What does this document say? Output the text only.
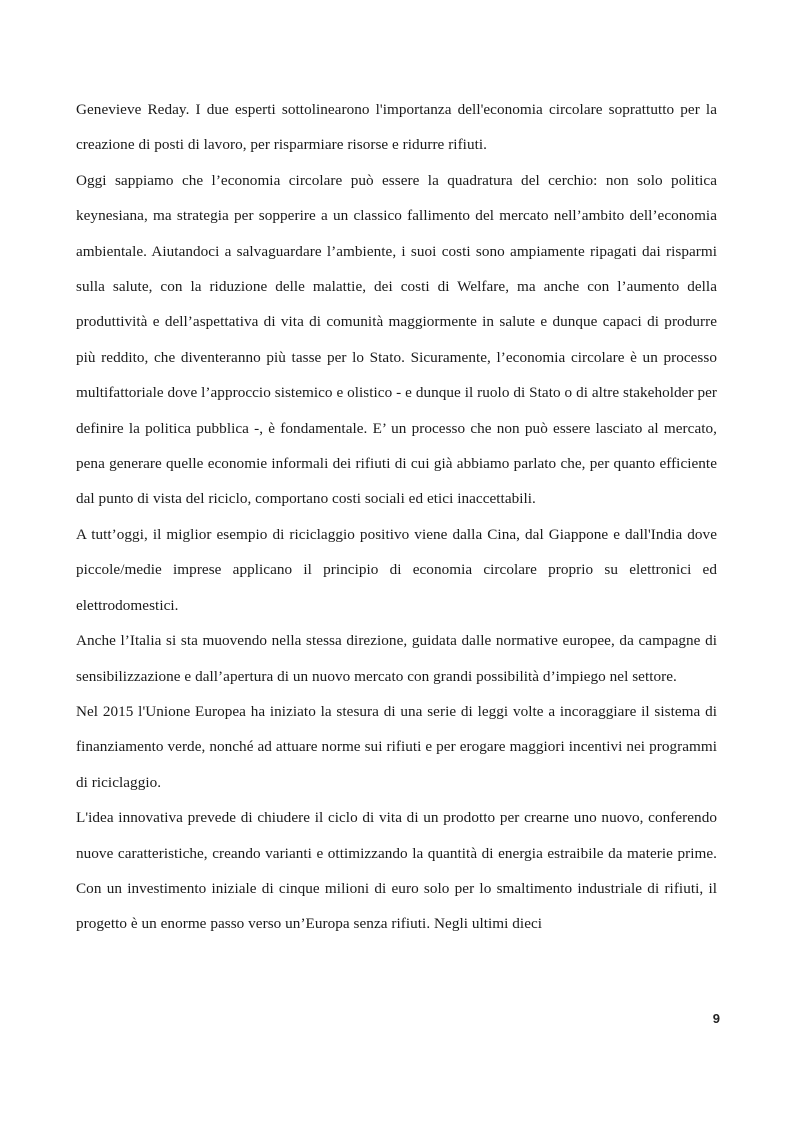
Genevieve Reday. I due esperti sottolinearono l'importanza dell'economia circolare soprattutto per la creazione di posti di lavoro, per risparmiare risorse e ridurre rifiuti.

Oggi sappiamo che l’economia circolare può essere la quadratura del cerchio: non solo politica keynesiana, ma strategia per sopperire a un classico fallimento del mercato nell’ambito dell’economia ambientale. Aiutandoci a salvaguardare l’ambiente, i suoi costi sono ampiamente ripagati dai risparmi sulla salute, con la riduzione delle malattie, dei costi di Welfare, ma anche con l’aumento della produttività e dell’aspettativa di vita di comunità maggiormente in salute e dunque capaci di produrre più reddito, che diventeranno più tasse per lo Stato. Sicuramente, l’economia circolare è un processo multifattoriale dove l’approccio sistemico e olistico - e dunque il ruolo di Stato o di altre stakeholder per definire la politica pubblica -, è fondamentale. E’ un processo che non può essere lasciato al mercato, pena generare quelle economie informali dei rifiuti di cui già abbiamo parlato che, per quanto efficiente dal punto di vista del riciclo, comportano costi sociali ed etici inaccettabili.

A tutt’oggi, il miglior esempio di riciclaggio positivo viene dalla Cina, dal Giappone e dall'India dove piccole/medie imprese applicano il principio di economia circolare proprio su elettronici ed elettrodomestici.

Anche l’Italia si sta muovendo nella stessa direzione, guidata dalle normative europee, da campagne di sensibilizzazione e dall’apertura di un nuovo mercato con grandi possibilità d’impiego nel settore.

Nel 2015 l'Unione Europea ha iniziato la stesura di una serie di leggi volte a incoraggiare il sistema di finanziamento verde, nonché ad attuare norme sui rifiuti e per erogare maggiori incentivi nei programmi di riciclaggio.

L'idea innovativa prevede di chiudere il ciclo di vita di un prodotto per crearne uno nuovo, conferendo nuove caratteristiche, creando varianti e ottimizzando la quantità di energia estraibile da materie prime. Con un investimento iniziale di cinque milioni di euro solo per lo smaltimento industriale di rifiuti, il progetto è un enorme passo verso un’Europa senza rifiuti. Negli ultimi dieci

9
